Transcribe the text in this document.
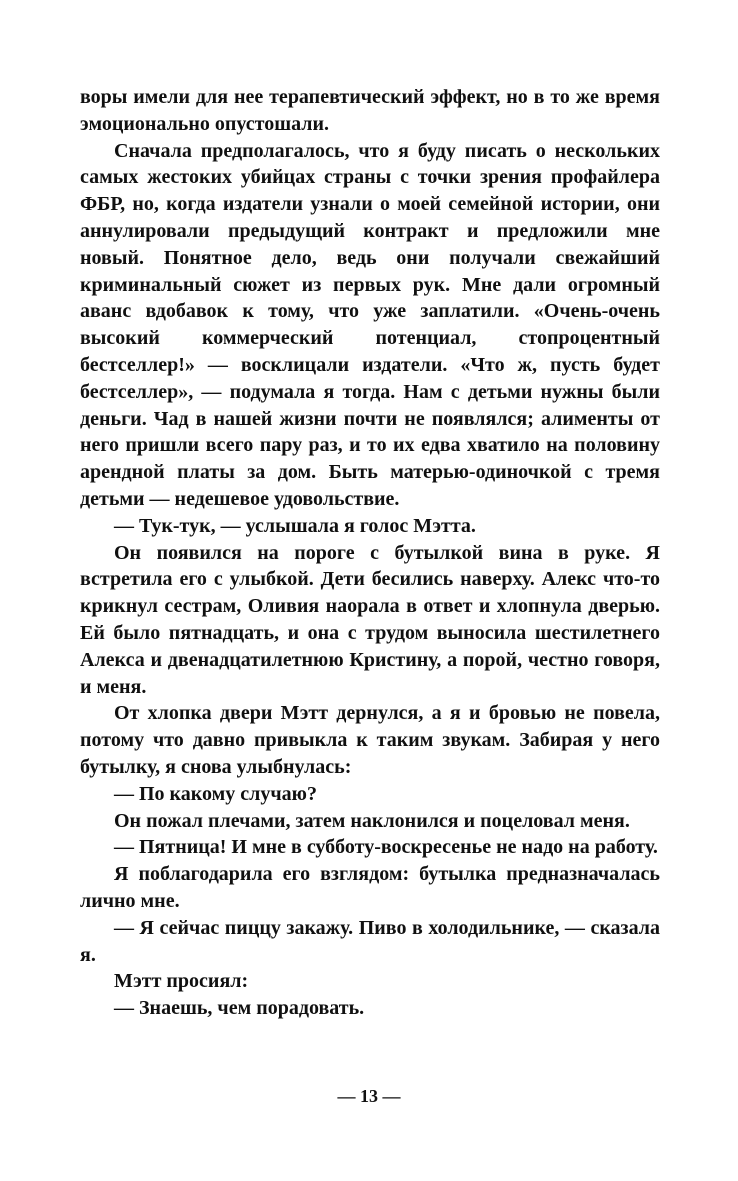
воры имели для нее терапевтический эффект, но в то же время эмоционально опустошали.

Сначала предполагалось, что я буду писать о нескольких самых жестоких убийцах страны с точки зрения профайлера ФБР, но, когда издатели узнали о моей семейной истории, они аннулировали предыдущий контракт и предложили мне новый. Понятное дело, ведь они получали свежайший криминальный сюжет из первых рук. Мне дали огромный аванс вдобавок к тому, что уже заплатили. «Очень-очень высокий коммерческий потенциал, стопроцентный бестселлер!» — восклицали издатели. «Что ж, пусть будет бестселлер», — подумала я тогда. Нам с детьми нужны были деньги. Чад в нашей жизни почти не появлялся; алименты от него пришли всего пару раз, и то их едва хватило на половину арендной платы за дом. Быть матерью-одиночкой с тремя детьми — недешевое удовольствие.

— Тук-тук, — услышала я голос Мэтта.

Он появился на пороге с бутылкой вина в руке. Я встретила его с улыбкой. Дети бесились наверху. Алекс что-то крикнул сестрам, Оливия наорала в ответ и хлопнула дверью. Ей было пятнадцать, и она с трудом выносила шестилетнего Алекса и двенадцатилетнюю Кристину, а порой, честно говоря, и меня.

От хлопка двери Мэтт дернулся, а я и бровью не повела, потому что давно привыкла к таким звукам. Забирая у него бутылку, я снова улыбнулась:

— По какому случаю?

Он пожал плечами, затем наклонился и поцеловал меня.

— Пятница! И мне в субботу-воскресенье не надо на работу.

Я поблагодарила его взглядом: бутылка предназначалась лично мне.

— Я сейчас пиццу закажу. Пиво в холодильнике, — сказала я.

Мэтт просиял:

— Знаешь, чем порадовать.

— 13 —
